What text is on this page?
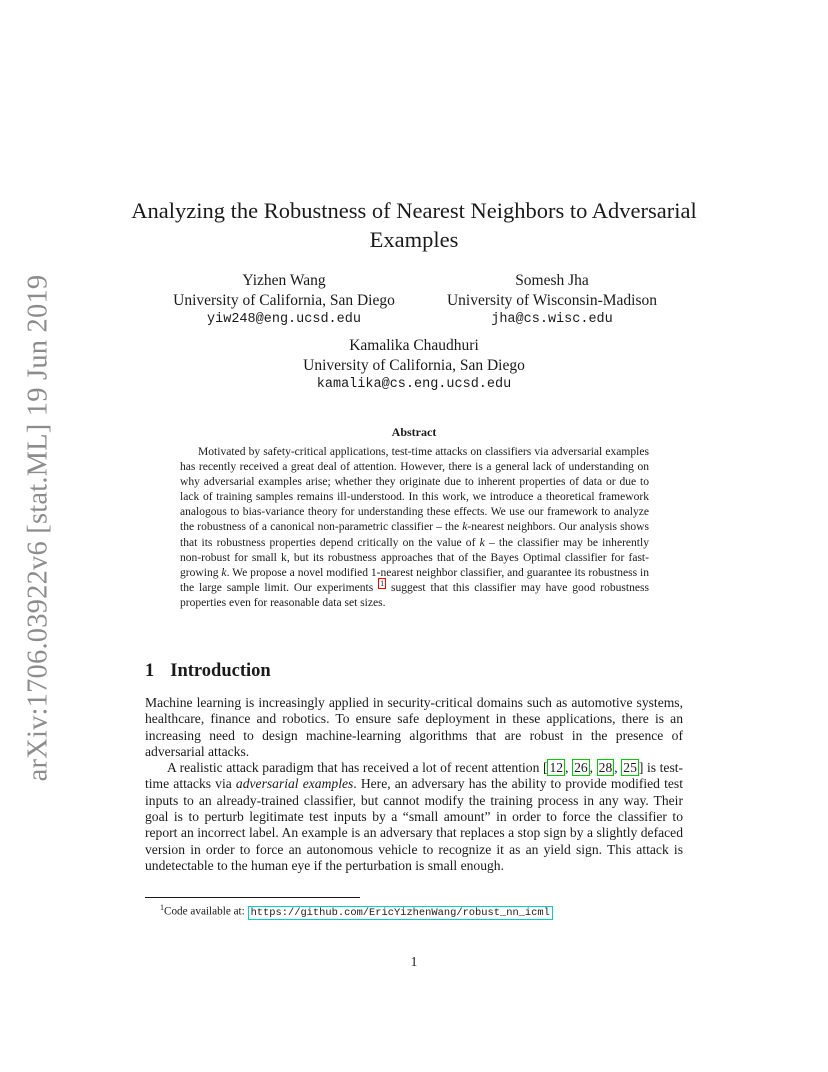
arXiv:1706.03922v6 [stat.ML] 19 Jun 2019
Analyzing the Robustness of Nearest Neighbors to Adversarial Examples
Yizhen Wang
University of California, San Diego
yiw248@eng.ucsd.edu
Somesh Jha
University of Wisconsin-Madison
jha@cs.wisc.edu
Kamalika Chaudhuri
University of California, San Diego
kamalika@cs.eng.ucsd.edu
Abstract
Motivated by safety-critical applications, test-time attacks on classifiers via adversarial examples has recently received a great deal of attention. However, there is a general lack of understanding on why adversarial examples arise; whether they originate due to inherent properties of data or due to lack of training samples remains ill-understood. In this work, we introduce a theoretical framework analogous to bias-variance theory for understanding these effects. We use our framework to analyze the robustness of a canonical non-parametric classifier – the k-nearest neighbors. Our analysis shows that its robustness properties depend critically on the value of k – the classifier may be inherently non-robust for small k, but its robustness approaches that of the Bayes Optimal classifier for fast-growing k. We propose a novel modified 1-nearest neighbor classifier, and guarantee its robustness in the large sample limit. Our experiments $^1$ suggest that this classifier may have good robustness properties even for reasonable data set sizes.
1 Introduction

Machine learning is increasingly applied in security-critical domains such as automotive systems, healthcare, finance and robotics. To ensure safe deployment in these applications, there is an increasing need to design machine-learning algorithms that are robust in the presence of adversarial attacks.

A realistic attack paradigm that has received a lot of recent attention [ 12 , 26 , 28 , 25 ] is test-time attacks via adversarial examples. Here, an adversary has the ability to provide modified test inputs to an already-trained classifier, but cannot modify the training process in any way. Their goal is to perturb legitimate test inputs by a “small amount” in order to force the classifier to report an incorrect label. An example is an adversary that replaces a stop sign by a slightly defaced version in order to force an autonomous vehicle to recognize it as an yield sign. This attack is undetectable to the human eye if the perturbation is small enough.

$^1$Code available at: https://github.com/EricYizhenWang/robust_nn_icml
1
